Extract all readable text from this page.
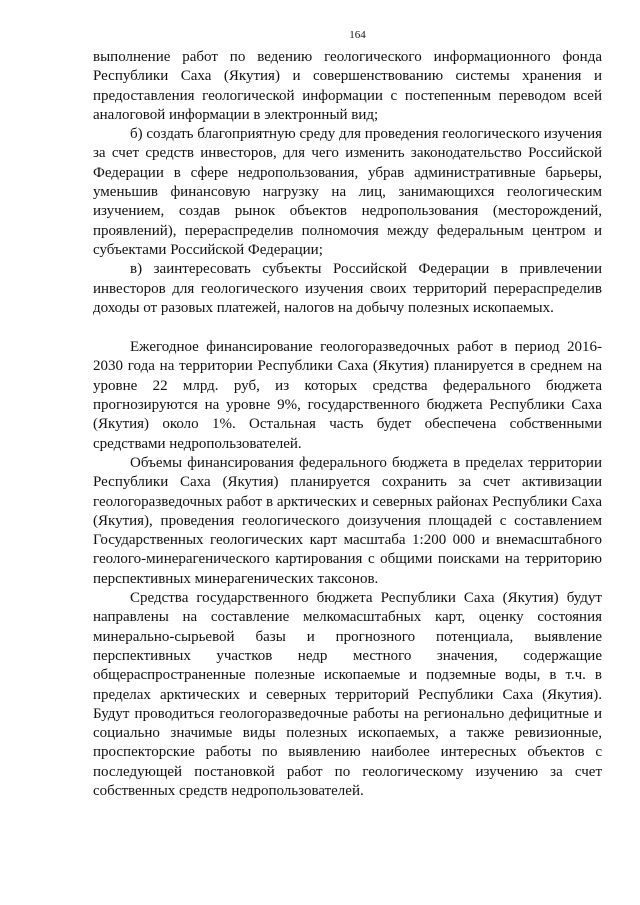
164

выполнение работ по ведению геологического информационного фонда Республики Саха (Якутия) и совершенствованию системы хранения и предоставления геологической информации с постепенным переводом всей аналоговой информации в электронный вид;

б) создать благоприятную среду для проведения геологического изучения за счет средств инвесторов, для чего изменить законодательство Российской Федерации в сфере недропользования, убрав административные барьеры, уменьшив финансовую нагрузку на лиц, занимающихся геологическим изучением, создав рынок объектов недропользования (месторождений, проявлений), перераспределив полномочия между федеральным центром и субъектами Российской Федерации;

в) заинтересовать субъекты Российской Федерации в привлечении инвесторов для геологического изучения своих территорий перераспределив доходы от разовых платежей, налогов на добычу полезных ископаемых.

Ежегодное финансирование геологоразведочных работ в период 2016-2030 года на территории Республики Саха (Якутия) планируется в среднем на уровне 22 млрд. руб, из которых средства федерального бюджета прогнозируются на уровне 9%, государственного бюджета Республики Саха (Якутия) около 1%. Остальная часть будет обеспечена собственными средствами недропользователей.

Объемы финансирования федерального бюджета в пределах территории Республики Саха (Якутия) планируется сохранить за счет активизации геологоразведочных работ в арктических и северных районах Республики Саха (Якутия), проведения геологического доизучения площадей с составлением Государственных геологических карт масштаба 1:200 000 и внемасштабного геолого-минерагенического картирования с общими поисками на территорию перспективных минерагенических таксонов.

Средства государственного бюджета Республики Саха (Якутия) будут направлены на составление мелкомасштабных карт, оценку состояния минерально-сырьевой базы и прогнозного потенциала, выявление перспективных участков недр местного значения, содержащие общераспространенные полезные ископаемые и подземные воды, в т.ч. в пределах арктических и северных территорий Республики Саха (Якутия). Будут проводиться геологоразведочные работы на регионально дефицитные и социально значимые виды полезных ископаемых, а также ревизионные, проспекторские работы по выявлению наиболее интересных объектов с последующей постановкой работ по геологическому изучению за счет собственных средств недропользователей.
